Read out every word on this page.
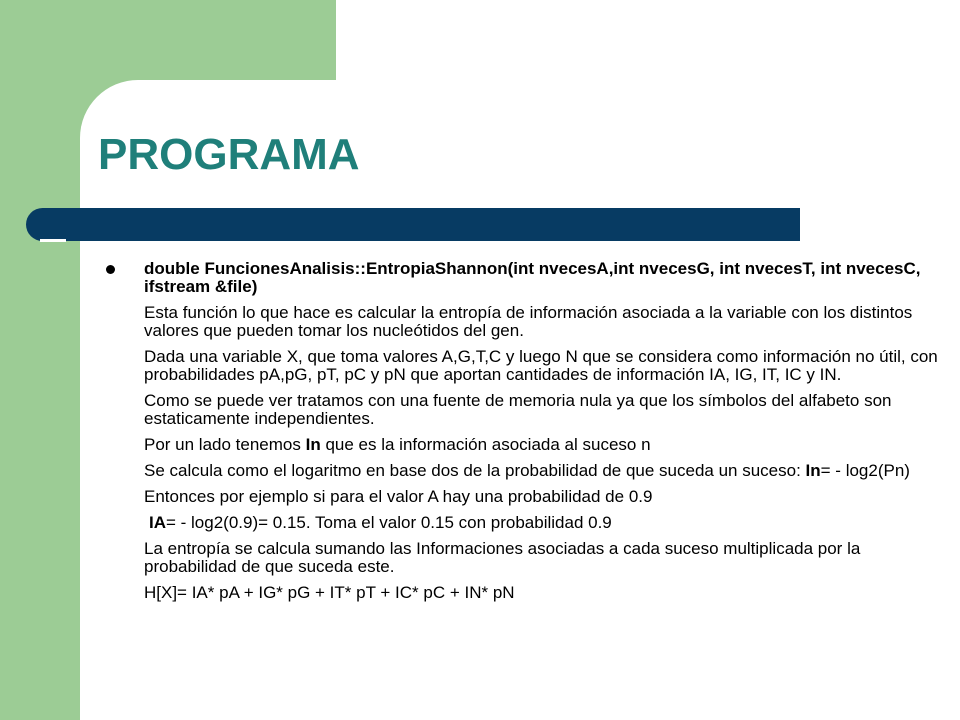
PROGRAMA
double FuncionesAnalisis::EntropiaShannon(int nvecesA,int nvecesG, int nvecesT, int nvecesC, ifstream &file)
Esta función lo que hace es calcular la entropía de información asociada a la variable con los distintos valores que pueden tomar los nucleótidos del gen.
Dada una variable X, que toma valores A,G,T,C y luego N que se considera como información no útil, con probabilidades pA,pG, pT, pC y pN que aportan cantidades de información IA, IG, IT, IC y IN.
Como se puede ver tratamos con una fuente de memoria nula ya que los símbolos del alfabeto son estaticamente independientes.
Por un lado tenemos In que es la información asociada al suceso n
Se calcula como el logaritmo en base dos de la probabilidad de que suceda un suceso: In= - log2(Pn)
Entonces por ejemplo si para el valor A hay una probabilidad de 0.9
IA= - log2(0.9)= 0.15. Toma el valor 0.15 con probabilidad 0.9
La entropía se calcula sumando las Informaciones asociadas a cada suceso multiplicada por la probabilidad de que suceda este.
H[X]= IA* pA + IG* pG + IT* pT + IC* pC + IN* pN
